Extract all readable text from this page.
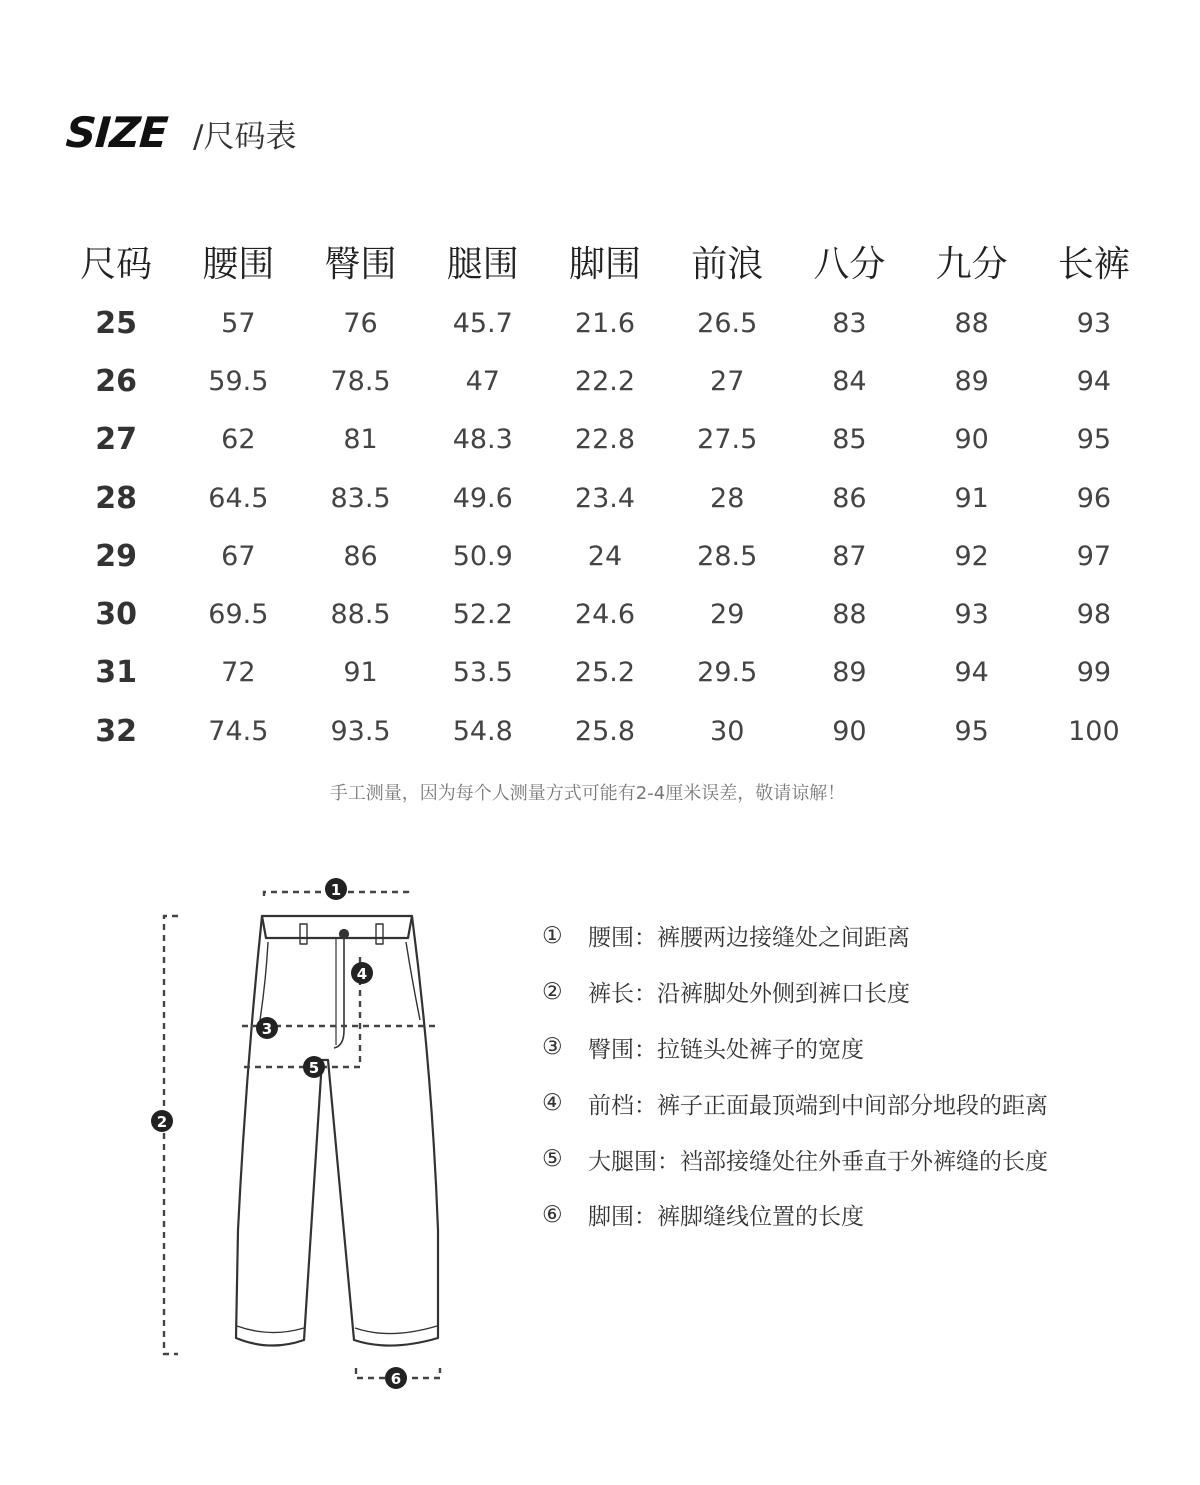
SIZE /尺码表
尺码	腰围	臀围	腿围	脚围	前浪	八分	九分	长裤
25	57	76	45.7	21.6	26.5	83	88	93
26	59.5	78.5	47	22.2	27	84	89	94
27	62	81	48.3	22.8	27.5	85	90	95
28	64.5	83.5	49.6	23.4	28	86	91	96
29	67	86	50.9	24	28.5	87	92	97
30	69.5	88.5	52.2	24.6	29	88	93	98
31	72	91	53.5	25.2	29.5	89	94	99
32	74.5	93.5	54.8	25.8	30	90	95	100
手工测量，因为每个人测量方式可能有2-4厘米误差，敬请谅解！
1
2
3
4
5
6
①	腰围： 裤腰两边接缝处之间距离
②	裤长： 沿裤脚处外侧到裤口长度
③	臀围： 拉链头处裤子的宽度
④	前档： 裤子正面最顶端到中间部分地段的距离
⑤	大腿围： 裆部接缝处往外垂直于外裤缝的长度
⑥	脚围： 裤脚缝线位置的长度
